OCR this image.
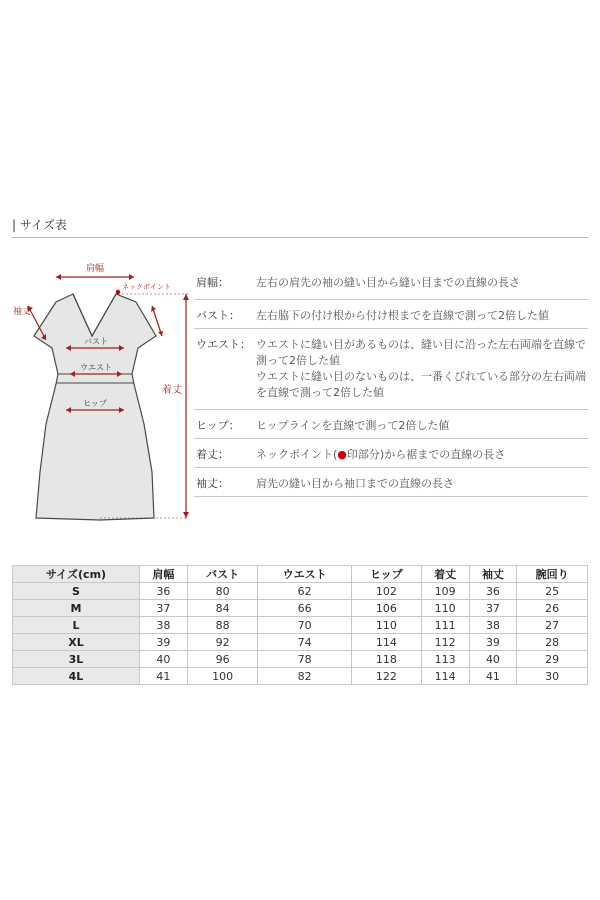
| サイズ表
肩幅
ネックポイント
袖丈
着丈
バスト
ウエスト
ヒップ
肩幅： 左右の肩先の袖の縫い目から縫い目までの直線の長さ
バスト： 左右脇下の付け根から付け根までを直線で測って2倍した値
ウエスト： ウエストに縫い目があるものは、縫い目に沿った左右両端を直線で
測って2倍した値
ウエストに縫い目のないものは、一番くびれている部分の左右両端
を直線で測って2倍した値
ヒップ： ヒップラインを直線で測って2倍した値
着丈： ネックポイント(●印部分)から裾までの直線の長さ
袖丈： 肩先の縫い目から袖口までの直線の長さ
サイズ(cm)	肩幅	バスト	ウエスト	ヒップ	着丈	袖丈	腕回り
S	36	80	62	102	109	36	25
M	37	84	66	106	110	37	26
L	38	88	70	110	111	38	27
XL	39	92	74	114	112	39	28
3L	40	96	78	118	113	40	29
4L	41	100	82	122	114	41	30
